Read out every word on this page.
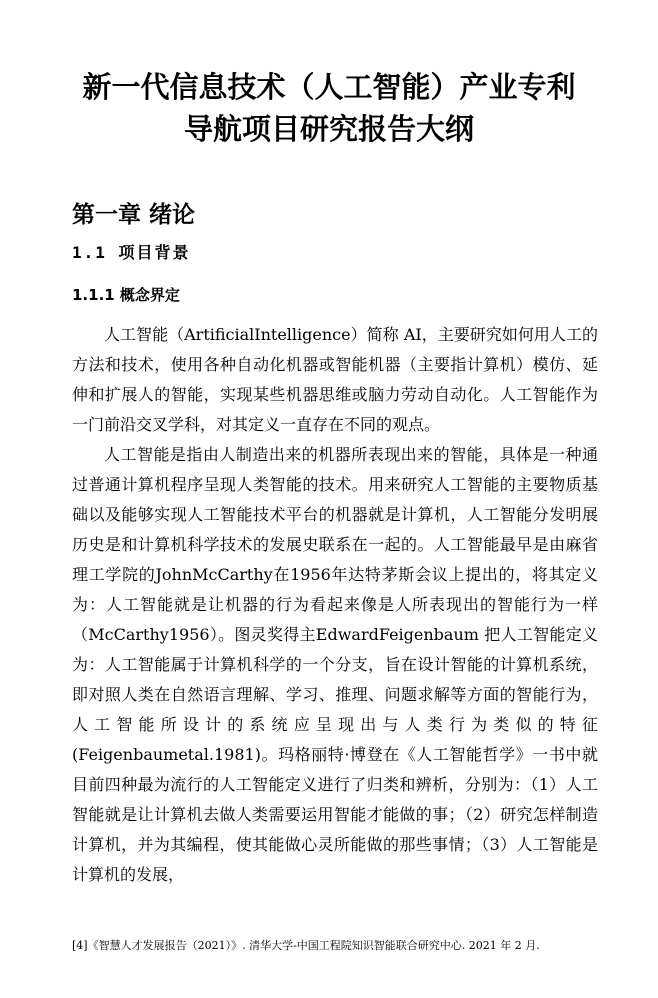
新一代信息技术（人工智能）产业专利
导航项目研究报告大纲
第一章 绪论
1.1 项目背景
1.1.1 概念界定

人工智能（ArtificialIntelligence）简称 AI，主要研究如何用人工的方法和技术，使用各种自动化机器或智能机器（主要指计算机）模仿、延伸和扩展人的智能，实现某些机器思维或脑力劳动自动化。人工智能作为一门前沿交叉学科，对其定义一直存在不同的观点。

人工智能是指由人制造出来的机器所表现出来的智能，具体是一种通过普通计算机程序呈现人类智能的技术。用来研究人工智能的主要物质基础以及能够实现人工智能技术平台的机器就是计算机，人工智能分发明展历史是和计算机科学技术的发展史联系在一起的。人工智能最早是由麻省理工学院的JohnMcCarthy在1956年达特茅斯会议上提出的，将其定义为：人工智能就是让机器的行为看起来像是人所表现出的智能行为一样（McCarthy1956）。图灵奖得主EdwardFeigenbaum 把人工智能定义为：人工智能属于计算机科学的一个分支，旨在设计智能的计算机系统，即对照人类在自然语言理解、学习、推理、问题求解等方面的智能行为，人工智能所设计的系统应呈现出与人类行为类似的特征(Feigenbaumetal.1981)。玛格丽特·博登在《人工智能哲学》一书中就目前四种最为流行的人工智能定义进行了归类和辨析，分别为：（1）人工智能就是让计算机去做人类需要运用智能才能做的事；（2）研究怎样制造计算机，并为其编程，使其能做心灵所能做的那些事情；（3）人工智能是计算机的发展，

[4]《智慧人才发展报告（2021）》. 清华大学-中国工程院知识智能联合研究中心. 2021 年 2 月.
